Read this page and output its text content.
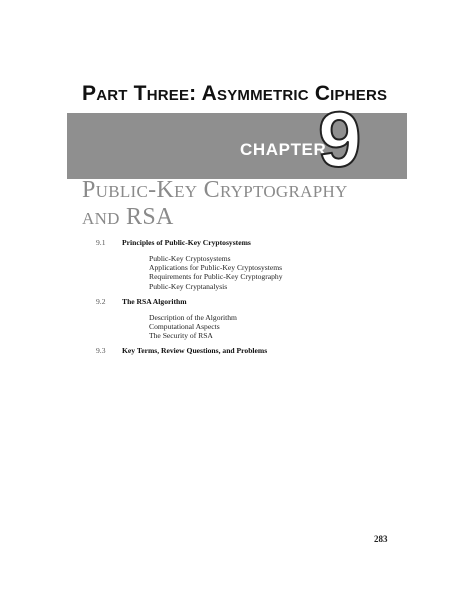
Part Three: Asymmetric Ciphers
CHAPTER
9
Public-Key Cryptography
and RSA
9.1 Principles of Public-Key Cryptosystems
Public-Key Cryptosystems
Applications for Public-Key Cryptosystems
Requirements for Public-Key Cryptography
Public-Key Cryptanalysis
9.2 The RSA Algorithm
Description of the Algorithm
Computational Aspects
The Security of RSA
9.3 Key Terms, Review Questions, and Problems
283
